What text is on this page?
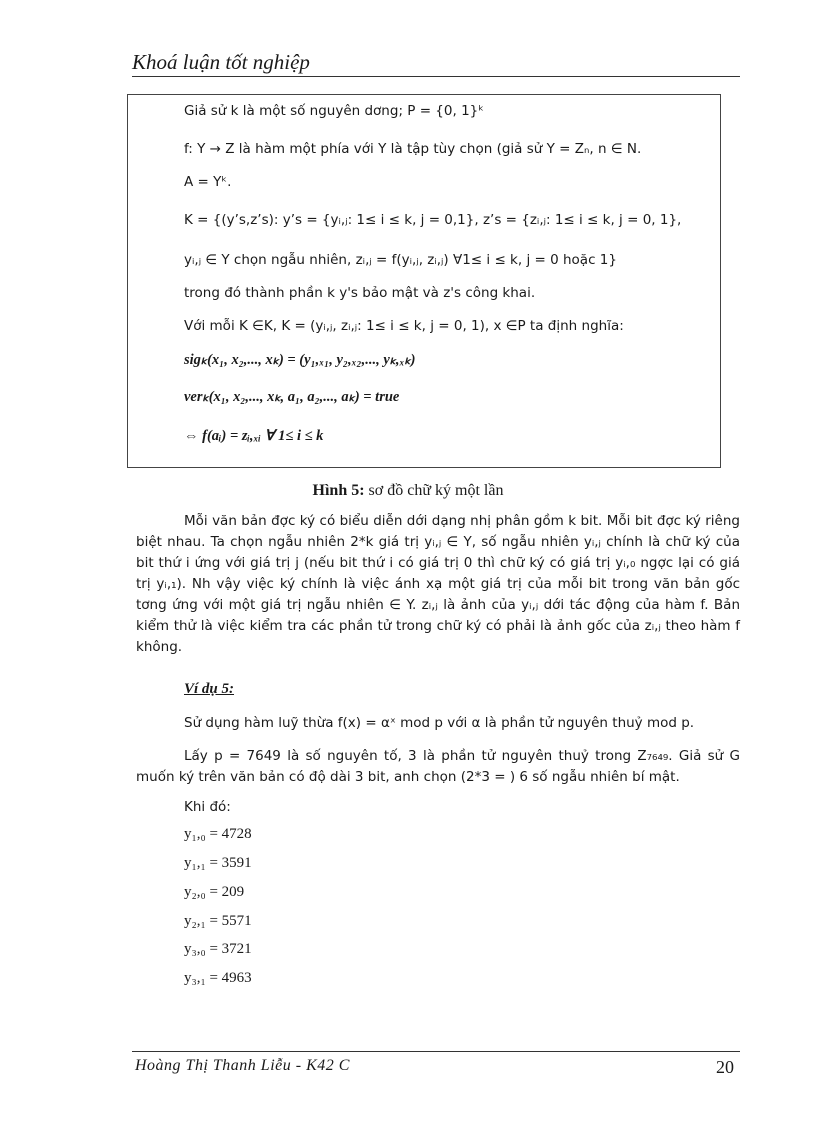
Khoá luận tốt nghiệp
Giả sử k là một số nguyên dơng; P = {0, 1}ᵏ
f: Y → Z là hàm một phía với Y là tập tùy chọn (giả sử Y = Zₙ, n ∈ N.
A = Yᵏ.
K = {(y’s,z’s): y’s = {yᵢ,ⱼ: 1≤ i ≤ k, j = 0,1}, z’s = {zᵢ,ⱼ: 1≤ i ≤ k, j = 0, 1},
yᵢ,ⱼ ∈ Y chọn ngẫu nhiên, zᵢ,ⱼ = f(yᵢ,ⱼ, zᵢ,ⱼ) ∀1≤ i ≤ k, j = 0 hoặc 1}
trong đó thành phần k y's bảo mật và z's công khai.
Với mỗi K ∈K, K = (yᵢ,ⱼ, zᵢ,ⱼ: 1≤ i ≤ k, j = 0, 1), x ∈P ta định nghĩa:
sigₖ(x₁, x₂,..., xₖ) = (y₁,ₓ₁, y₂,ₓ₂,..., yₖ,ₓₖ)
verₖ(x₁, x₂,..., xₖ, a₁, a₂,..., aₖ) = true
⇔ f(aᵢ) = zᵢ,ₓᵢ ∀ 1≤ i ≤ k
Hình 5: sơ đồ chữ ký một lần

Mỗi văn bản đợc ký có biểu diễn dới dạng nhị phân gồm k bit. Mỗi bit đợc ký riêng biệt nhau. Ta chọn ngẫu nhiên 2*k giá trị yᵢ,ⱼ ∈ Y, số ngẫu nhiên yᵢ,ⱼ chính là chữ ký của bit thứ i ứng với giá trị j (nếu bit thứ i có giá trị 0 thì chữ ký có giá trị yᵢ,₀ ngợc lại có giá trị yᵢ,₁). Nh vậy việc ký chính là việc ánh xạ một giá trị của mỗi bit trong văn bản gốc tơng ứng với một giá trị ngẫu nhiên ∈ Y. zᵢ,ⱼ là ảnh của yᵢ,ⱼ dới tác động của hàm f. Bản kiểm thử là việc kiểm tra các phần tử trong chữ ký có phải là ảnh gốc của zᵢ,ⱼ theo hàm f không.

Ví dụ 5:

Sử dụng hàm luỹ thừa f(x) = αˣ mod p với α là phần tử nguyên thuỷ mod p.

Lấy p = 7649 là số nguyên tố, 3 là phần tử nguyên thuỷ trong Z₇₆₄₉. Giả sử G muốn ký trên văn bản có độ dài 3 bit, anh chọn (2*3 = ) 6 số ngẫu nhiên bí mật.

Khi đó:

y₁,₀ = 4728
y₁,₁ = 3591
y₂,₀ = 209
y₂,₁ = 5571
y₃,₀ = 3721
y₃,₁ = 4963
Hoàng Thị Thanh Liễu - K42 C	20
